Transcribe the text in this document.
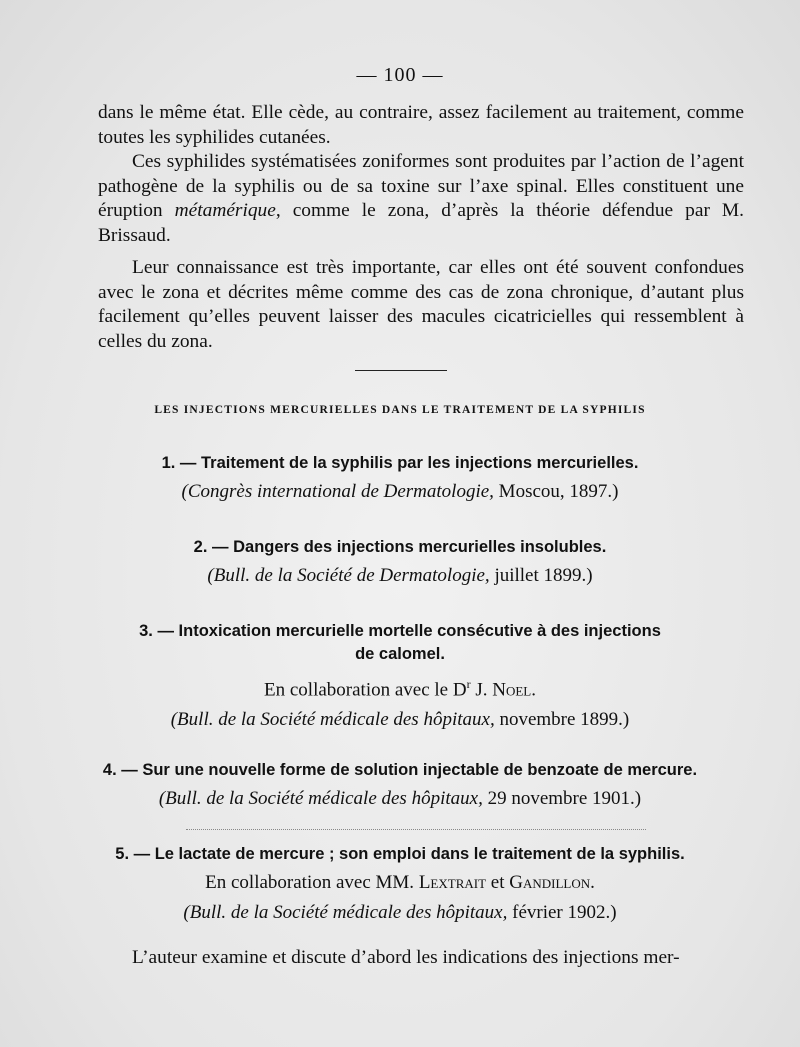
— 100 —

dans le même état. Elle cède, au contraire, assez facilement au traitement, comme toutes les syphilides cutanées.

Ces syphilides systématisées zoniformes sont produites par l’action de l’agent pathogène de la syphilis ou de sa toxine sur l’axe spinal. Elles constituent une éruption métamérique, comme le zona, d’après la théorie défendue par M. Brissaud.

Leur connaissance est très importante, car elles ont été souvent confondues avec le zona et décrites même comme des cas de zona chronique, d’autant plus facilement qu’elles peuvent laisser des macules cicatricielles qui ressemblent à celles du zona.

LES INJECTIONS MERCURIELLES DANS LE TRAITEMENT DE LA SYPHILIS
1. — Traitement de la syphilis par les injections mercurielles.
(Congrès international de Dermatologie, Moscou, 1897.)
2. — Dangers des injections mercurielles insolubles.
(Bull. de la Société de Dermatologie, juillet 1899.)
3. — Intoxication mercurielle mortelle consécutive à des injections
de calomel.
En collaboration avec le $D^r$ J. Noel.
(Bull. de la Société médicale des hôpitaux, novembre 1899.)
4. — Sur une nouvelle forme de solution injectable de benzoate de mercure.
(Bull. de la Société médicale des hôpitaux, 29 novembre 1901.)
5. — Le lactate de mercure ; son emploi dans le traitement de la syphilis.
En collaboration avec MM. Lextrait et Gandillon.
(Bull. de la Société médicale des hôpitaux, février 1902.)
L’auteur examine et discute d’abord les indications des injections mer-
